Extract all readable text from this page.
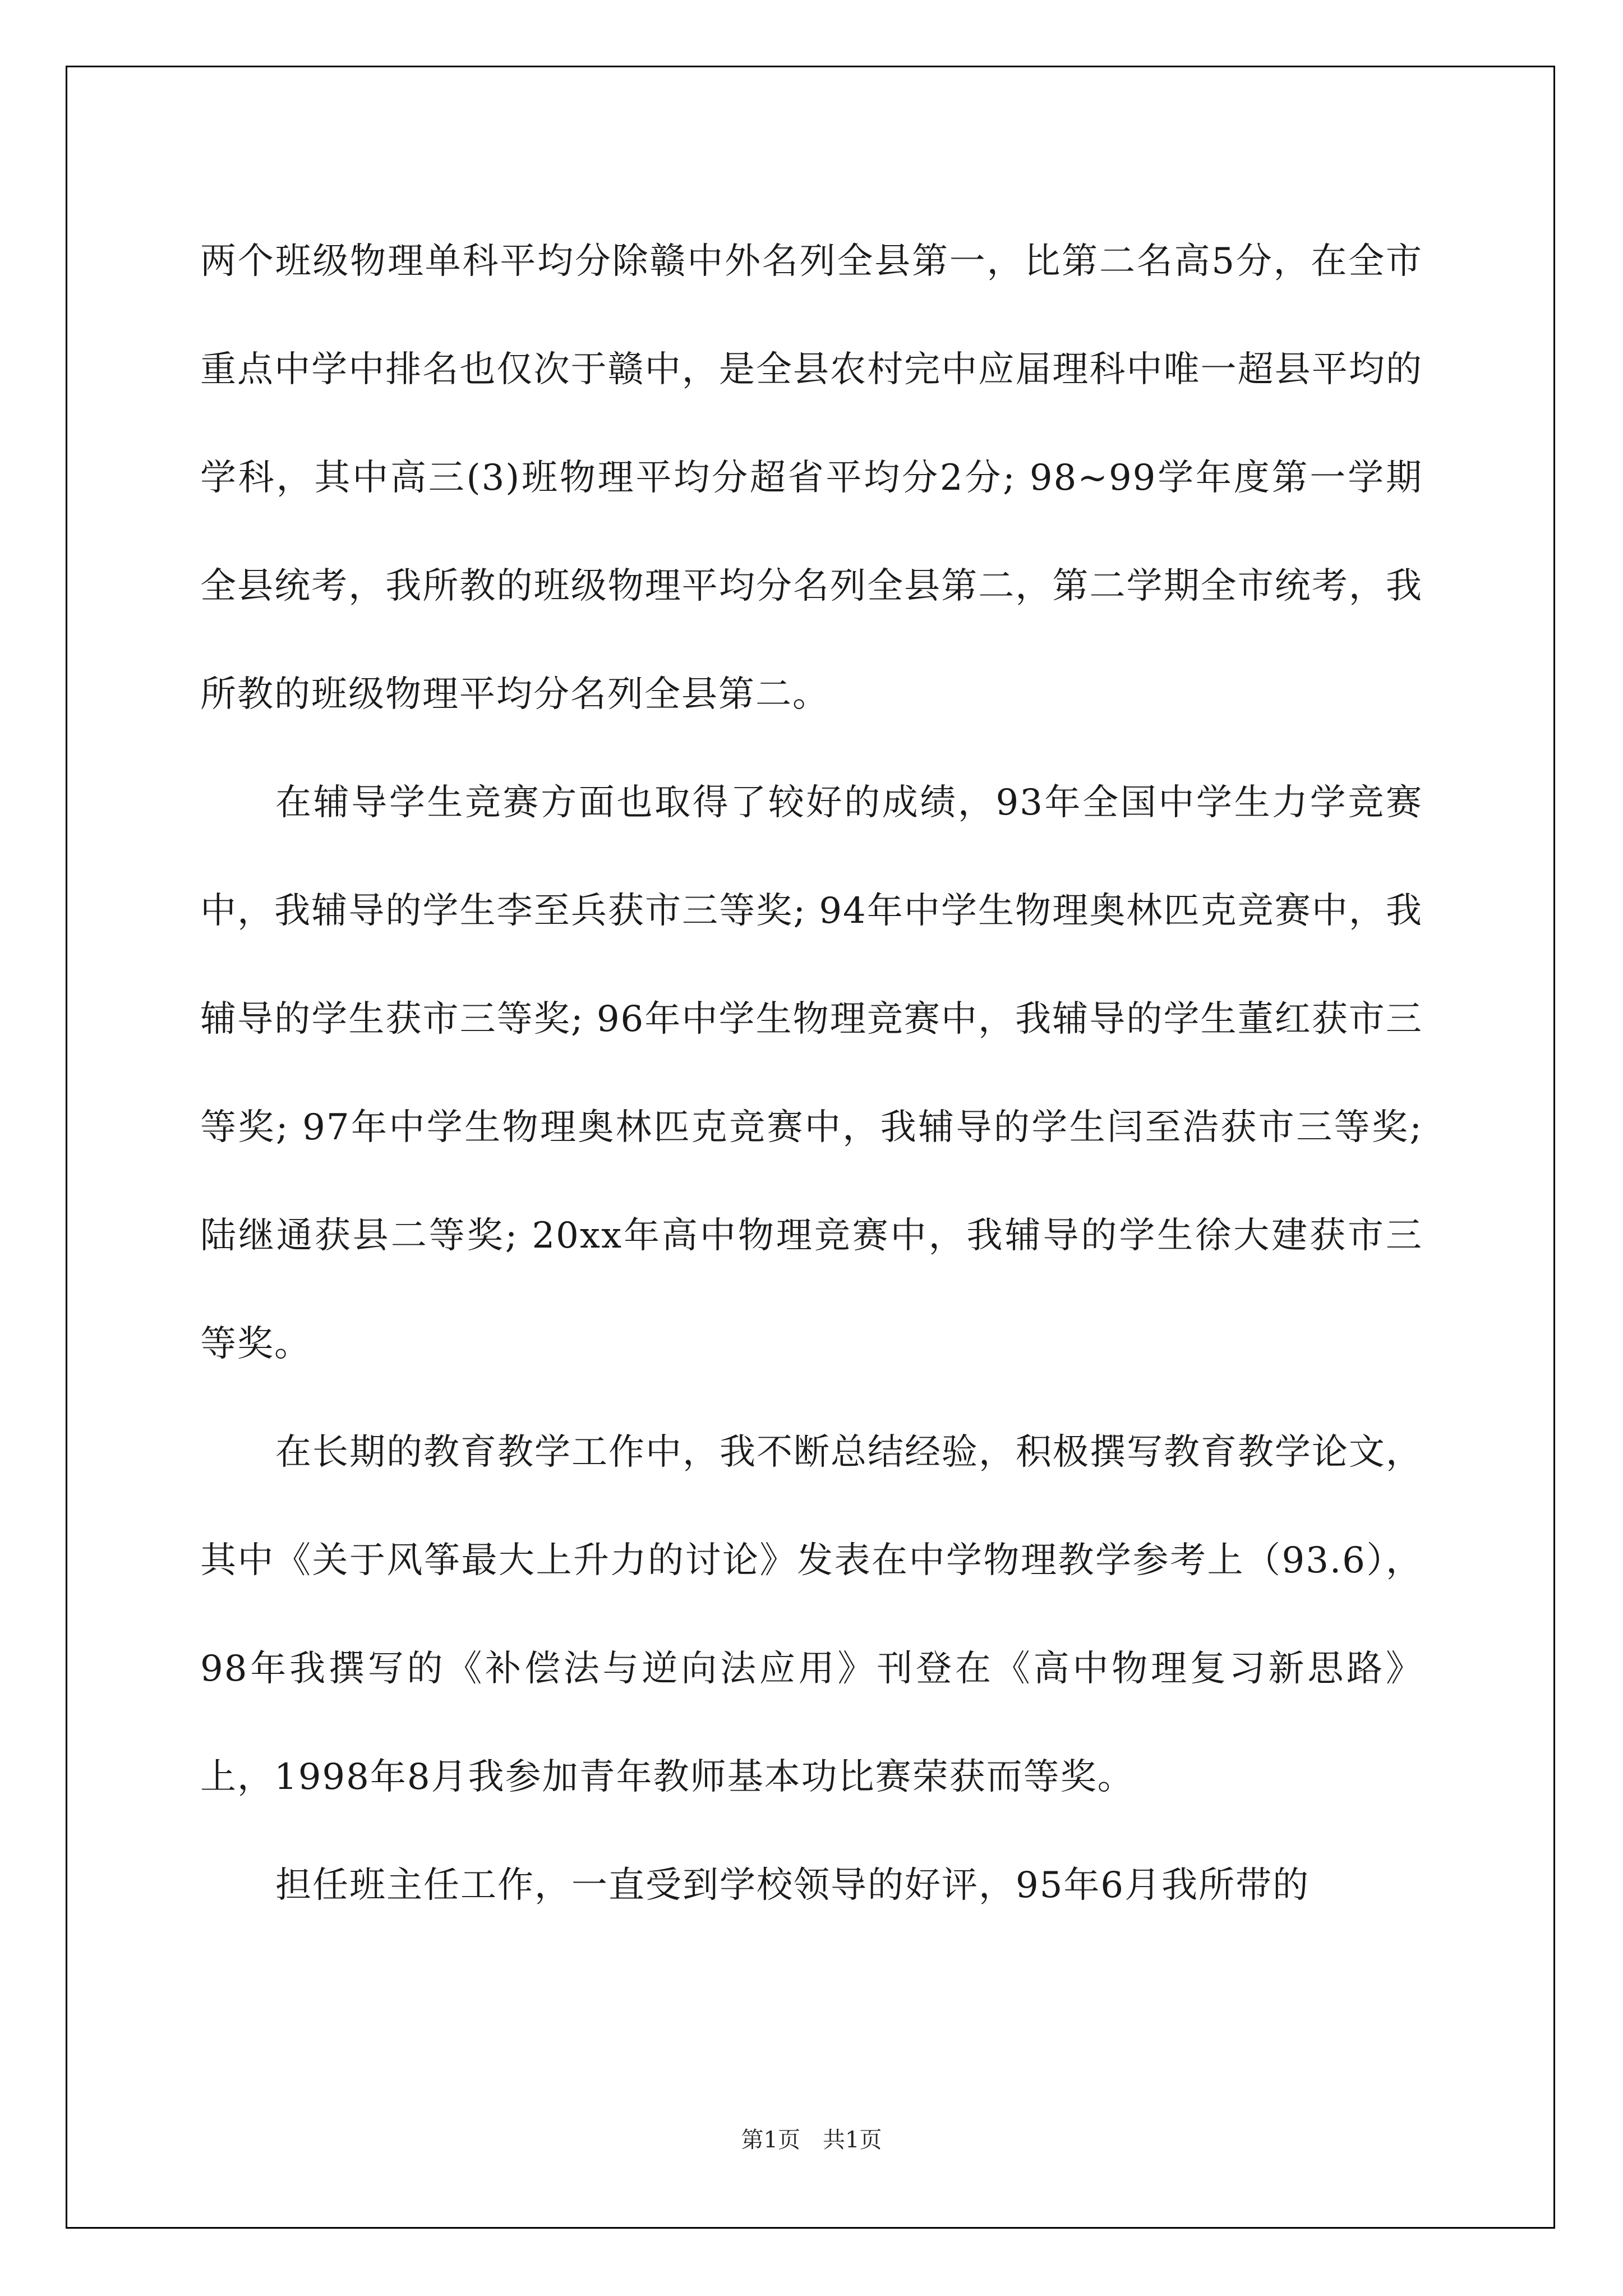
两个班级物理单科平均分除赣中外名列全县第一，比第二名高5分，在全市重点中学中排名也仅次于赣中，是全县农村完中应届理科中唯一超县平均的学科，其中高三(3)班物理平均分超省平均分2分; 98~99学年度第一学期全县统考，我所教的班级物理平均分名列全县第二，第二学期全市统考，我所教的班级物理平均分名列全县第二。

在辅导学生竞赛方面也取得了较好的成绩，93年全国中学生力学竞赛中，我辅导的学生李至兵获市三等奖; 94年中学生物理奥林匹克竞赛中，我辅导的学生获市三等奖; 96年中学生物理竞赛中，我辅导的学生董红获市三等奖; 97年中学生物理奥林匹克竞赛中，我辅导的学生闫至浩获市三等奖; 陆继通获县二等奖; 20xx年高中物理竞赛中，我辅导的学生徐大建获市三等奖。

在长期的教育教学工作中，我不断总结经验，积极撰写教育教学论文，其中《关于风筝最大上升力的讨论》发表在中学物理教学参考上（93.6），98年我撰写的《补偿法与逆向法应用》刊登在《高中物理复习新思路》上，1998年8月我参加青年教师基本功比赛荣获而等奖。

担任班主任工作，一直受到学校领导的好评，95年6月我所带的

第1页　共1页
